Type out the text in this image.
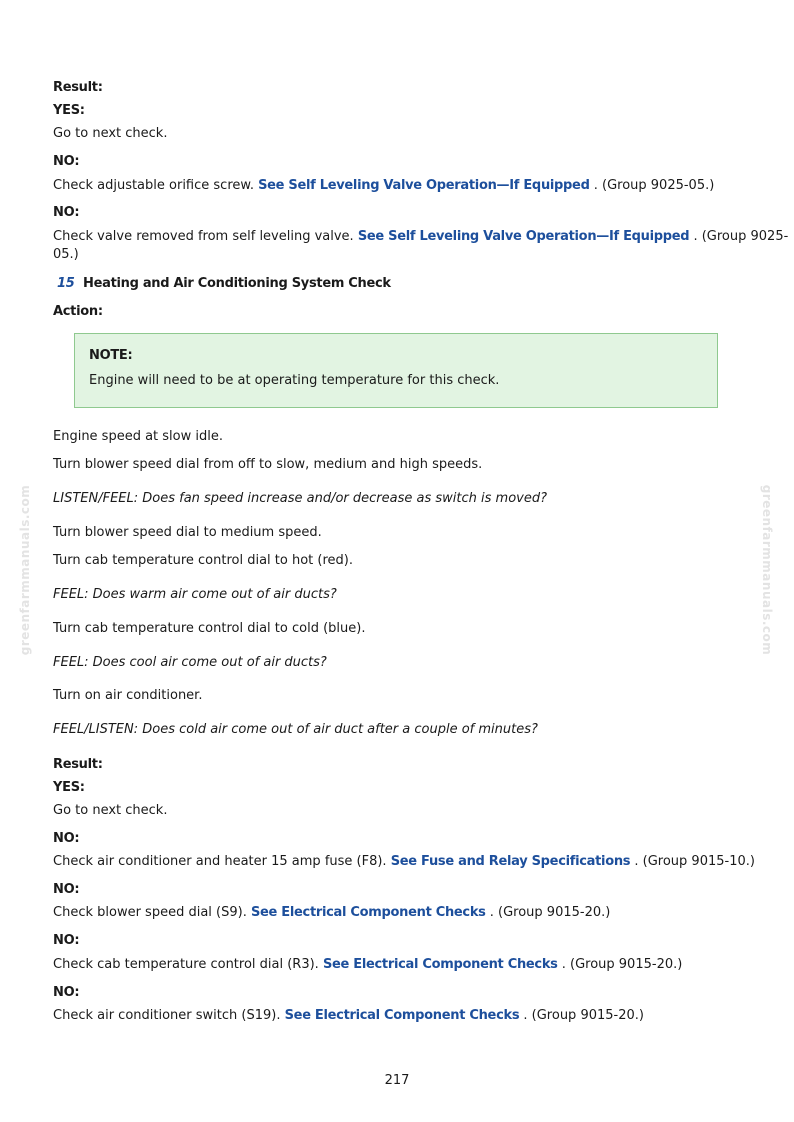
greenfarmmanuals.com	greenfarmmanuals.com
Result:
YES:
Go to next check.
NO:
Check adjustable orifice screw. See Self Leveling Valve Operation—If Equipped . (Group 9025-05.)
NO:
Check valve removed from self leveling valve. See Self Leveling Valve Operation—If Equipped . (Group 9025-
05.)
15 Heating and Air Conditioning System Check
Action:
NOTE:
Engine will need to be at operating temperature for this check.
Engine speed at slow idle.
Turn blower speed dial from off to slow, medium and high speeds.
LISTEN/FEEL: Does fan speed increase and/or decrease as switch is moved?
Turn blower speed dial to medium speed.
Turn cab temperature control dial to hot (red).
FEEL: Does warm air come out of air ducts?
Turn cab temperature control dial to cold (blue).
FEEL: Does cool air come out of air ducts?
Turn on air conditioner.
FEEL/LISTEN: Does cold air come out of air duct after a couple of minutes?
Result:
YES:
Go to next check.
NO:
Check air conditioner and heater 15 amp fuse (F8). See Fuse and Relay Specifications . (Group 9015-10.)
NO:
Check blower speed dial (S9). See Electrical Component Checks . (Group 9015-20.)
NO:
Check cab temperature control dial (R3). See Electrical Component Checks . (Group 9015-20.)
NO:
Check air conditioner switch (S19). See Electrical Component Checks . (Group 9015-20.)
217
